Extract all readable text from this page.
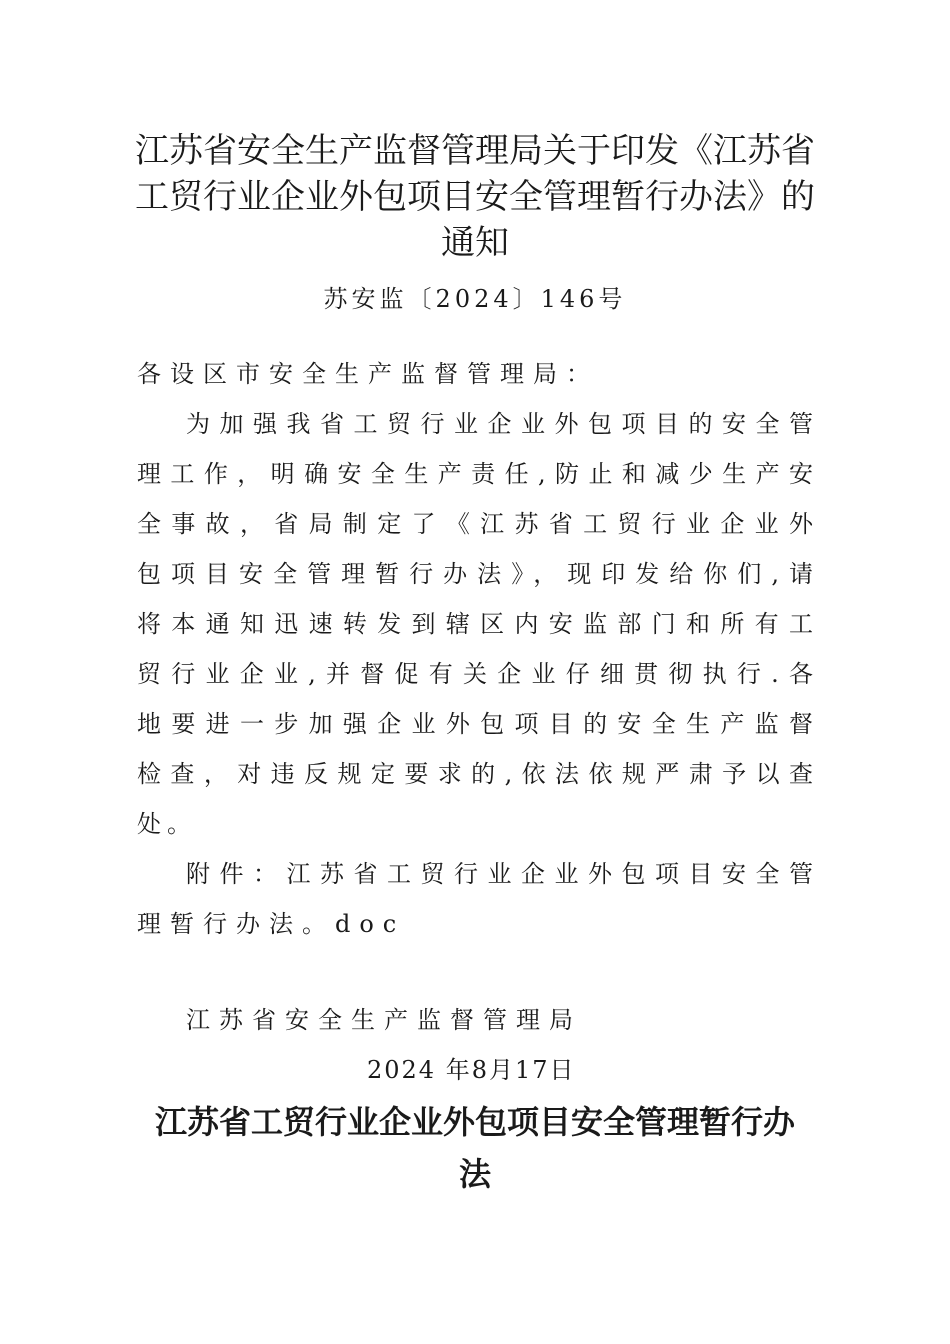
江苏省安全生产监督管理局关于印发《江苏省
工贸行业企业外包项目安全管理暂行办法》的
通知
苏安监〔2024〕146号
各设区市安全生产监督管理局：
为加强我省工贸行业企业外包项目的安全管
理工作，明确安全生产责任,防止和减少生产安
全事故，省局制定了《江苏省工贸行业企业外
包项目安全管理暂行办法》，现印发给你们,请
将本通知迅速转发到辖区内安监部门和所有工
贸行业企业,并督促有关企业仔细贯彻执行.各
地要进一步加强企业外包项目的安全生产监督
检查，对违反规定要求的,依法依规严肃予以查
处。
附件：江苏省工贸行业企业外包项目安全管
理暂行办法。doc
江苏省安全生产监督管理局
2024 年8月17日
江苏省工贸行业企业外包项目安全管理暂行办
法
